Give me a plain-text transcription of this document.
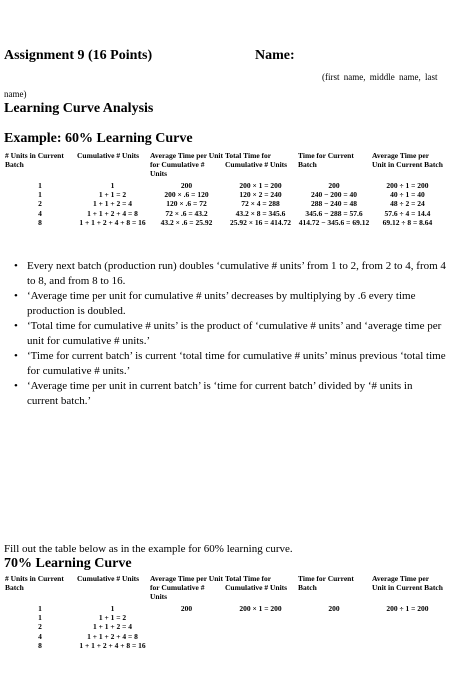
Assignment 9 (16 Points)	Name:
(first name, middle name, last
name)
Learning Curve Analysis
Example: 60% Learning Curve
# Units in Current Batch	Cumulative # Units	Average Time per Unit for Cumulative # Units	Total Time for Cumulative # Units	Time for Current Batch	Average Time per Unit in Current Batch
1	1	200	200 × 1 = 200	200	200 ÷ 1 = 200
1	1 + 1 = 2	200 × .6 = 120	120 × 2 = 240	240 − 200 = 40	40 ÷ 1 = 40
2	1 + 1 + 2 = 4	120 × .6 = 72	72 × 4 = 288	288 − 240 = 48	48 ÷ 2 = 24
4	1 + 1 + 2 + 4 = 8	72 × .6 = 43.2	43.2 × 8 = 345.6	345.6 − 288 = 57.6	57.6 ÷ 4 = 14.4
8	1 + 1 + 2 + 4 + 8 = 16	43.2 × .6 = 25.92	25.92 × 16 = 414.72	414.72 − 345.6 = 69.12	69.12 ÷ 8 = 8.64
• Every next batch (production run) doubles ‘cumulative # units’ from 1 to 2, from 2 to 4, from 4 to 8, and from 8 to 16.
• ‘Average time per unit for cumulative # units’ decreases by multiplying by .6 every time production is doubled.
• ‘Total time for cumulative # units’ is the product of ‘cumulative # units’ and ‘average time per unit for cumulative # units.’
• ‘Time for current batch’ is current ‘total time for cumulative # units’ minus previous ‘total time for cumulative # units.’
• ‘Average time per unit in current batch’ is ‘time for current batch’ divided by ‘# units in current batch.’
Fill out the table below as in the example for 60% learning curve.
70% Learning Curve
# Units in Current Batch	Cumulative # Units	Average Time per Unit for Cumulative # Units	Total Time for Cumulative # Units	Time for Current Batch	Average Time per Unit in Current Batch
1	1	200	200 × 1 = 200	200	200 ÷ 1 = 200
1	1 + 1 = 2				
2	1 + 1 + 2 = 4				
4	1 + 1 + 2 + 4 = 8				
8	1 + 1 + 2 + 4 + 8 = 16				
